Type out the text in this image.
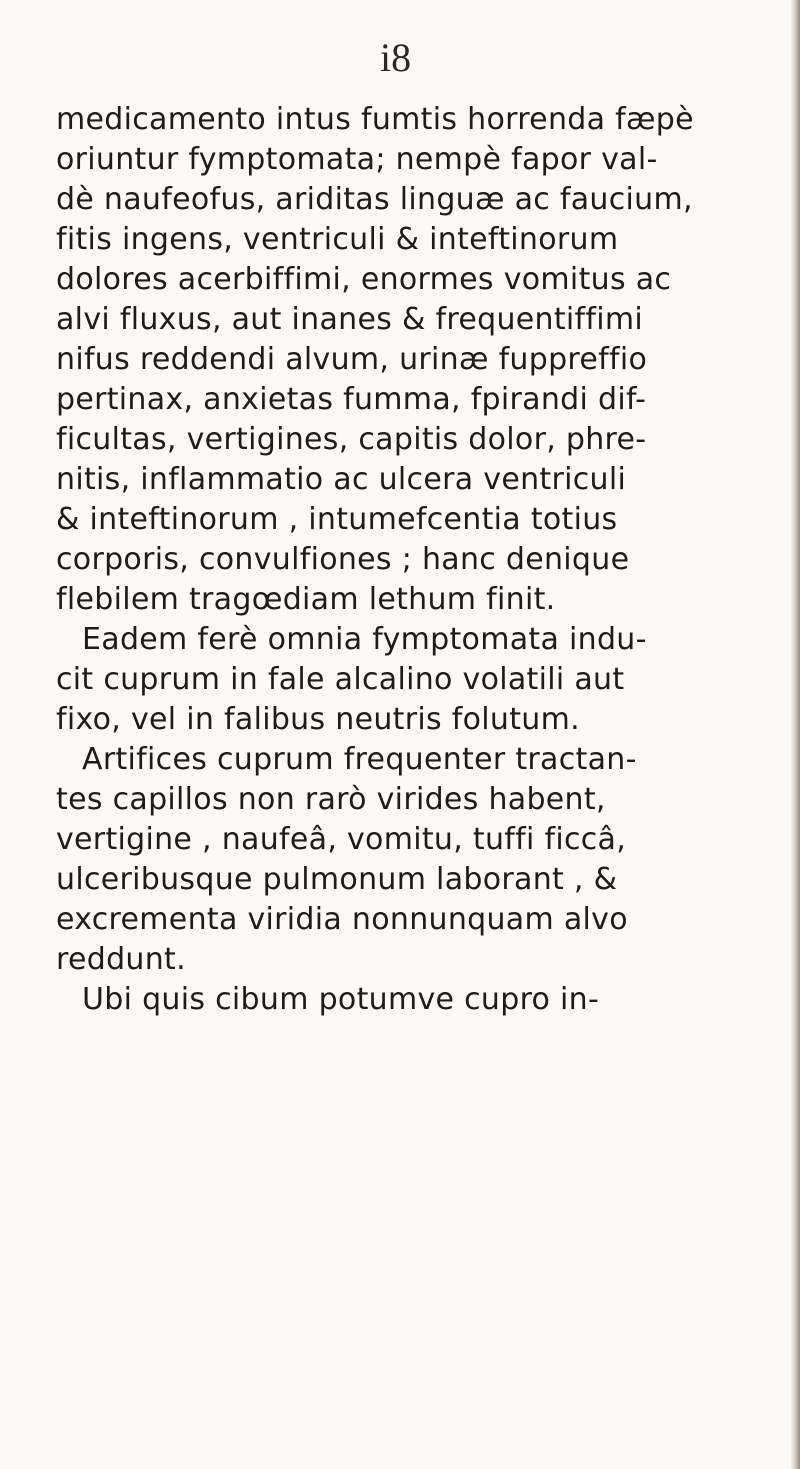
i8
medicamento intus fumtis horrenda fæpè
oriuntur fymptomata; nempè fapor val-
dè naufeofus, ariditas linguæ ac faucium,
fitis ingens, ventriculi & inteftinorum
dolores acerbiffimi, enormes vomitus ac
alvi fluxus, aut inanes & frequentiffimi
nifus reddendi alvum, urinæ fuppreffio
pertinax, anxietas fumma, fpirandi dif-
ficultas, vertigines, capitis dolor, phre-
nitis, inflammatio ac ulcera ventriculi
& inteftinorum , intumefcentia totius
corporis, convulfiones ; hanc denique
flebilem tragœdiam lethum finit.
Eadem ferè omnia fymptomata indu-
cit cuprum in fale alcalino volatili aut
fixo, vel in falibus neutris folutum.
Artifices cuprum frequenter tractan-
tes capillos non rarò virides habent,
vertigine , naufeâ, vomitu, tuffi ficcâ,
ulceribusque pulmonum laborant , &
excrementa viridia nonnunquam alvo
reddunt.
Ubi quis cibum potumve cupro in-
